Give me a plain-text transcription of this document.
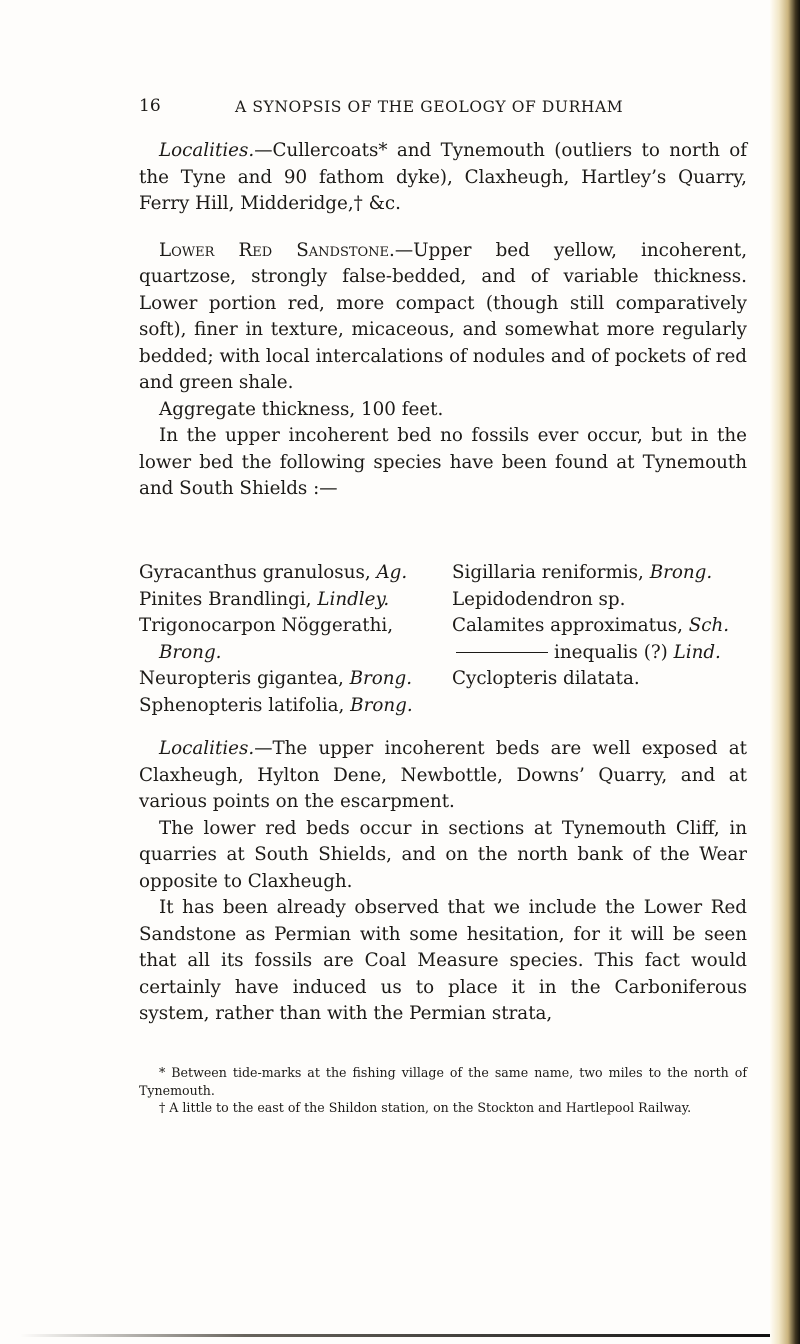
16	A SYNOPSIS OF THE GEOLOGY OF DURHAM

Localities.—Cullercoats* and Tynemouth (outliers to north of the Tyne and 90 fathom dyke), Claxheugh, Hartley’s Quarry, Ferry Hill, Midderidge,† &c.

Lower Red Sandstone.—Upper bed yellow, incoherent, quartzose, strongly false-bedded, and of variable thickness. Lower portion red, more compact (though still comparatively soft), finer in texture, micaceous, and somewhat more regularly bedded; with local intercalations of nodules and of pockets of red and green shale.

Aggregate thickness, 100 feet.

In the upper incoherent bed no fossils ever occur, but in the lower bed the following species have been found at Tynemouth and South Shields :—

Gyracanthus granulosus, Ag.
Pinites Brandlingi, Lindley.
Trigonocarpon Nöggerathi,
Brong.
Neuropteris gigantea, Brong.
Sphenopteris latifolia, Brong.
Sigillaria reniformis, Brong.
Lepidodendron sp.
Calamites approximatus, Sch.
inequalis (?) Lind.
Cyclopteris dilatata.

Localities.—The upper incoherent beds are well exposed at Claxheugh, Hylton Dene, Newbottle, Downs’ Quarry, and at various points on the escarpment.

The lower red beds occur in sections at Tynemouth Cliff, in quarries at South Shields, and on the north bank of the Wear opposite to Claxheugh.

It has been already observed that we include the Lower Red Sandstone as Permian with some hesitation, for it will be seen that all its fossils are Coal Measure species. This fact would certainly have induced us to place it in the Carboniferous system, rather than with the Permian strata,

* Between tide-marks at the fishing village of the same name, two miles to the north of Tynemouth.

† A little to the east of the Shildon station, on the Stockton and Hartlepool Railway.
